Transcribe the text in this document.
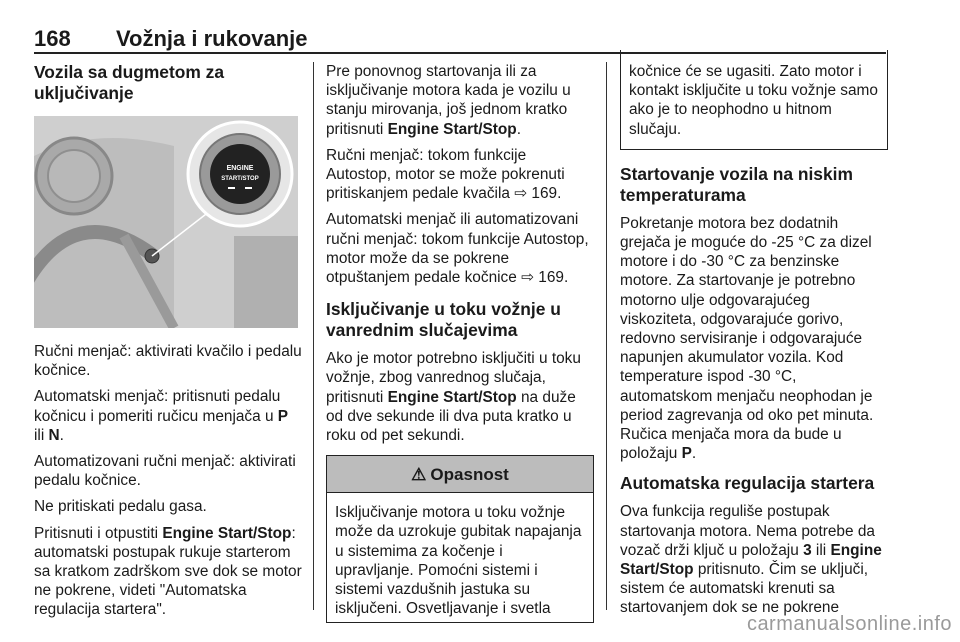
168 Vožnja i rukovanje
Vozila sa dugmetom za uključivanje
ENGINE
START/STOP

Ručni menjač: aktivirati kvačilo i pedalu kočnice.

Automatski menjač: pritisnuti pedalu kočnicu i pomeriti ručicu menjača u P ili N.

Automatizovani ručni menjač: aktivirati pedalu kočnice.

Ne pritiskati pedalu gasa.

Pritisnuti i otpustiti Engine Start/Stop: automatski postupak rukuje starterom sa kratkom zadrškom sve dok se motor ne pokrene, videti "Automatska regulacija startera".

Pre ponovnog startovanja ili za isključivanje motora kada je vozilu u stanju mirovanja, još jednom kratko pritisnuti Engine Start/Stop.

Ručni menjač: tokom funkcije Autostop, motor se može pokrenuti pritiskanjem pedale kvačila ⇨ 169.

Automatski menjač ili automatizovani ručni menjač: tokom funkcije Autostop, motor može da se pokrene otpuštanjem pedale kočnice ⇨ 169.

Isključivanje u toku vožnje u vanrednim slučajevima

Ako je motor potrebno isključiti u toku vožnje, zbog vanrednog slučaja, pritisnuti Engine Start/Stop na duže od dve sekunde ili dva puta kratko u roku od pet sekundi.

⚠ Opasnost
Isključivanje motora u toku vožnje može da uzrokuje gubitak napajanja u sistemima za kočenje i upravljanje. Pomoćni sistemi i sistemi vazdušnih jastuka su isključeni. Osvetljavanje i svetla
kočnice će se ugasiti. Zato motor i kontakt isključite u toku vožnje samo ako je to neophodno u hitnom slučaju.
Startovanje vozila na niskim temperaturama

Pokretanje motora bez dodatnih grejača je moguće do -25 °C za dizel motore i do -30 °C za benzinske motore. Za startovanje je potrebno motorno ulje odgovarajućeg viskoziteta, odgovarajuće gorivo, redovno servisiranje i odgovarajuće napunjen akumulator vozila. Kod temperature ispod -30 °C, automatskom menjaču neophodan je period zagrevanja od oko pet minuta. Ručica menjača mora da bude u položaju P.

Automatska regulacija startera

Ova funkcija reguliše postupak startovanja motora. Nema potrebe da vozač drži ključ u položaju 3 ili Engine Start/Stop pritisnuto. Čim se uključi, sistem će automatski krenuti sa startovanjem dok se ne pokrene

carmanualsonline.info
